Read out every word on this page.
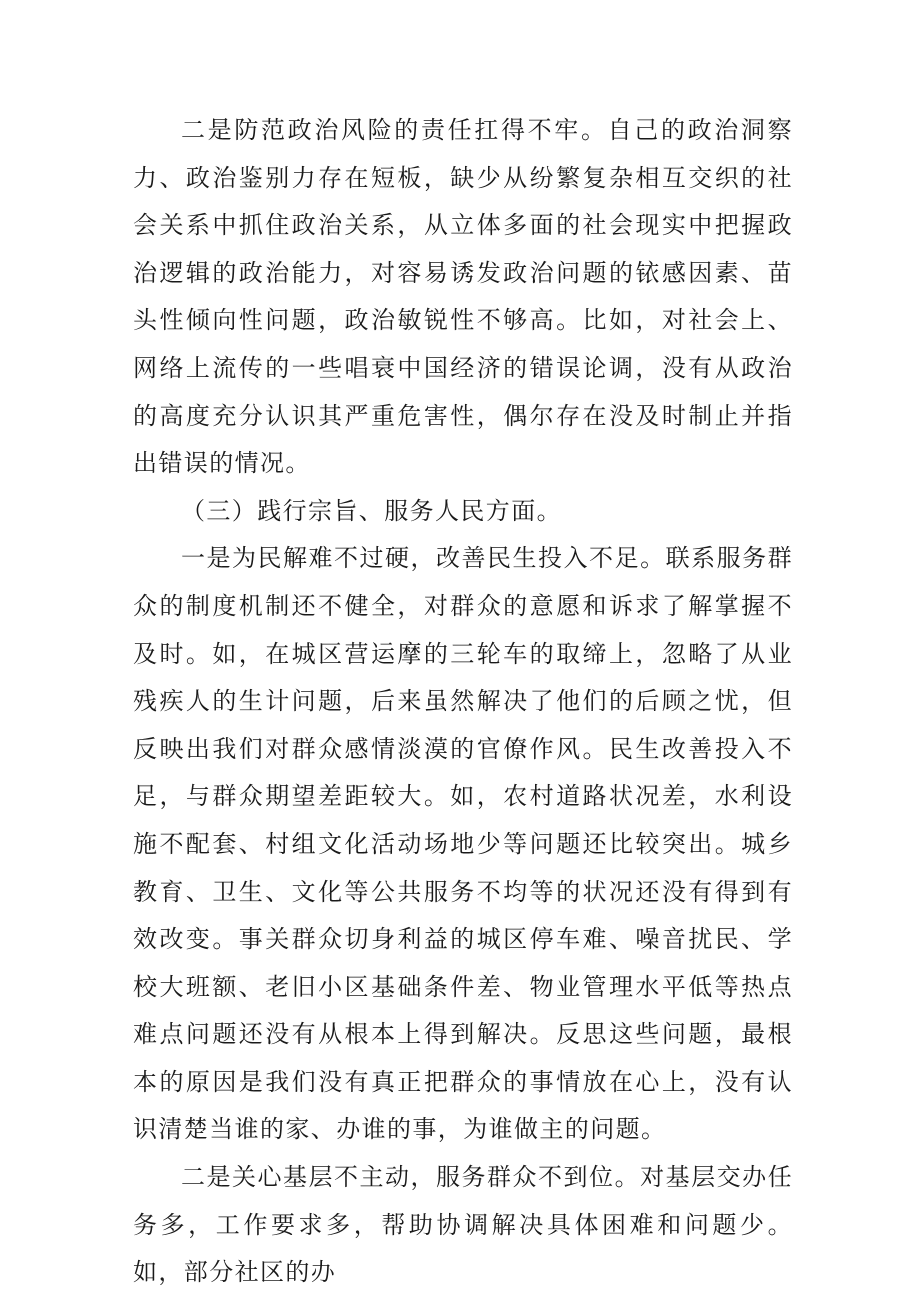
二是防范政治风险的责任扛得不牢。自己的政治洞察力、政治鉴别力存在短板，缺少从纷繁复杂相互交织的社会关系中抓住政治关系，从立体多面的社会现实中把握政治逻辑的政治能力，对容易诱发政治问题的铱感因素、苗头性倾向性问题，政治敏锐性不够高。比如，对社会上、网络上流传的一些唱衰中国经济的错误论调，没有从政治的高度充分认识其严重危害性，偶尔存在没及时制止并指出错误的情况。

（三）践行宗旨、服务人民方面。

一是为民解难不过硬，改善民生投入不足。联系服务群众的制度机制还不健全，对群众的意愿和诉求了解掌握不及时。如，在城区营运摩的三轮车的取缔上，忽略了从业残疾人的生计问题，后来虽然解决了他们的后顾之忧，但反映出我们对群众感情淡漠的官僚作风。民生改善投入不足，与群众期望差距较大。如，农村道路状况差，水利设施不配套、村组文化活动场地少等问题还比较突出。城乡教育、卫生、文化等公共服务不均等的状况还没有得到有效改变。事关群众切身利益的城区停车难、噪音扰民、学校大班额、老旧小区基础条件差、物业管理水平低等热点难点问题还没有从根本上得到解决。反思这些问题，最根本的原因是我们没有真正把群众的事情放在心上，没有认识清楚当谁的家、办谁的事，为谁做主的问题。

二是关心基层不主动，服务群众不到位。对基层交办任务多，工作要求多，帮助协调解决具体困难和问题少。如，部分社区的办
